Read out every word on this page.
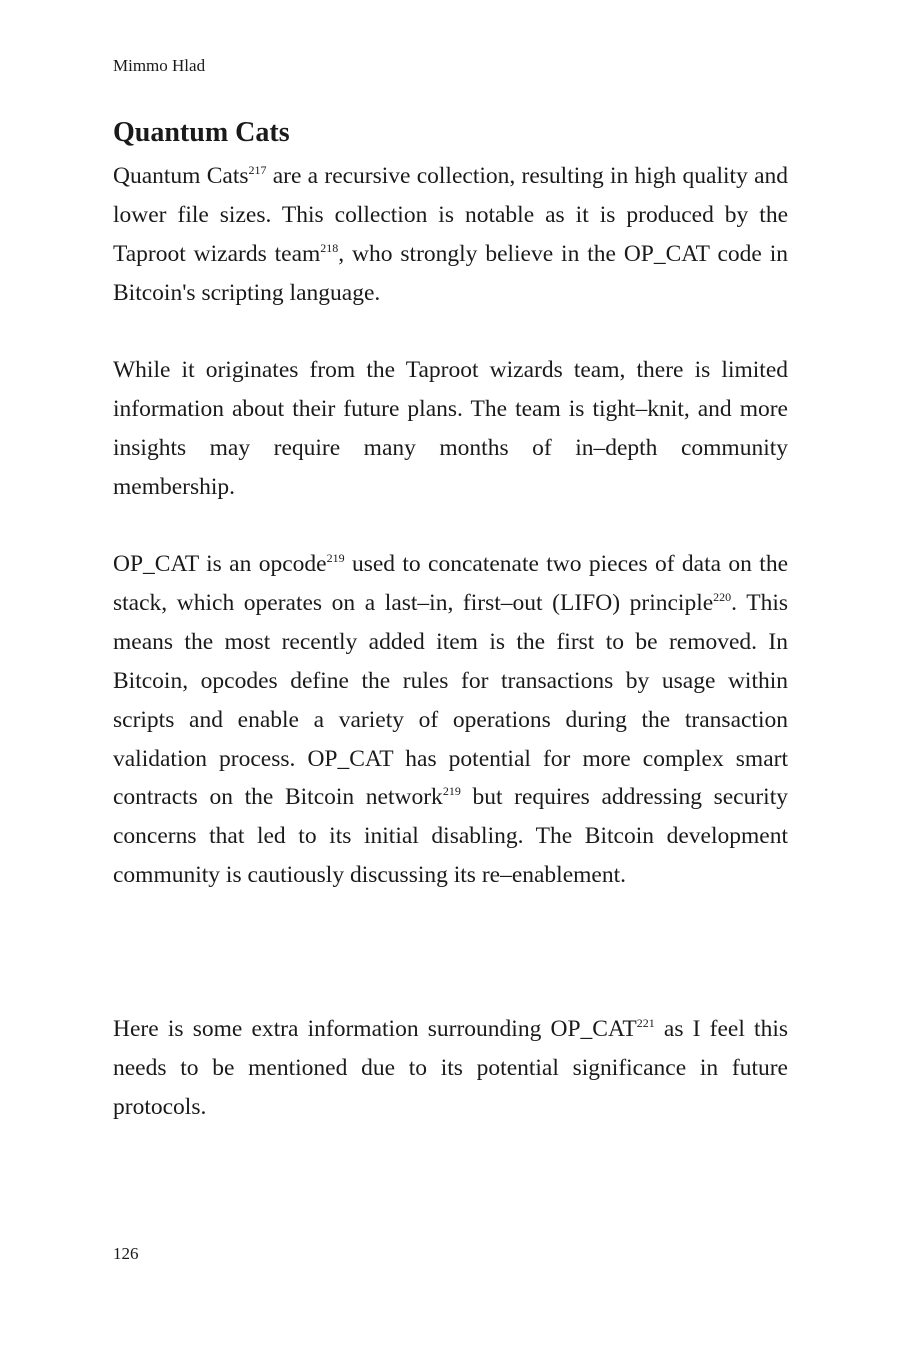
Mimmo Hlad
Quantum Cats

Quantum Cats$^{217}$ are a recursive collection, resulting in high quality and lower file sizes. This collection is notable as it is produced by the Taproot wizards team$^{218}$, who strongly believe in the OP_CAT code in Bitcoin's scripting language.

While it originates from the Taproot wizards team, there is limited information about their future plans. The team is tight–knit, and more insights may require many months of in–depth community membership.

OP_CAT is an opcode$^{219}$ used to concatenate two pieces of data on the stack, which operates on a last–in, first–out (LIFO) principle$^{220}$. This means the most recently added item is the first to be removed. In Bitcoin, opcodes define the rules for transactions by usage within scripts and enable a variety of operations during the transaction validation process. OP_CAT has potential for more complex smart contracts on the Bitcoin network$^{219}$ but requires addressing security concerns that led to its initial disabling. The Bitcoin development community is cautiously discussing its re–enablement.

Here is some extra information surrounding OP_CAT$^{221}$ as I feel this needs to be mentioned due to its potential significance in future protocols.

126
